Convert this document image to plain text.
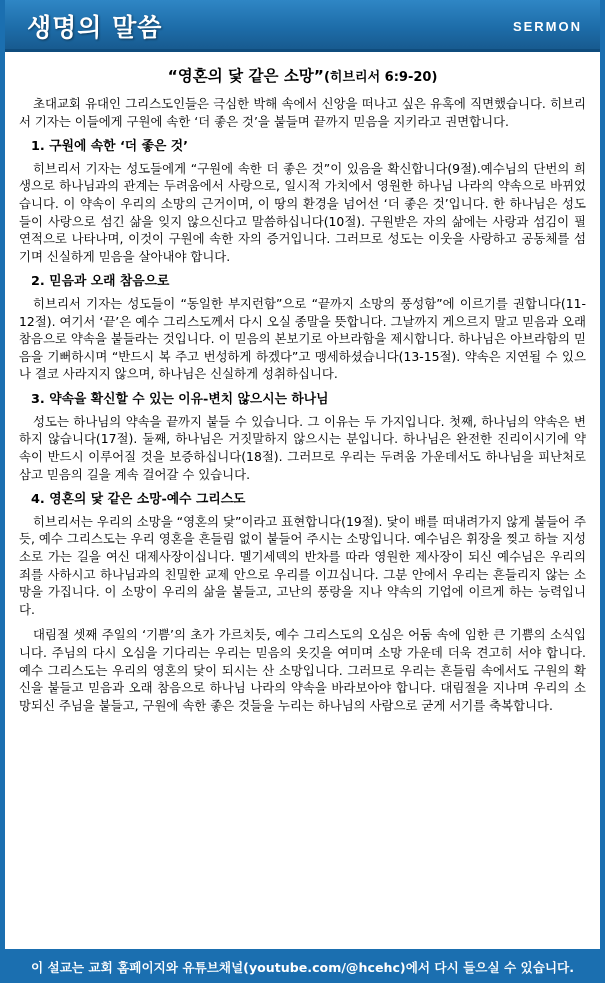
생명의 말씀	SERMON
“영혼의 닻 같은 소망”(히브리서 6:9-20)

초대교회 유대인 그리스도인들은 극심한 박해 속에서 신앙을 떠나고 싶은 유혹에 직면했습니다. 히브리서 기자는 이들에게 구원에 속한 ‘더 좋은 것’을 붙들며 끝까지 믿음을 지키라고 권면합니다.

1. 구원에 속한 ‘더 좋은 것’

히브리서 기자는 성도들에게 “구원에 속한 더 좋은 것”이 있음을 확신합니다(9절).예수님의 단번의 희생으로 하나님과의 관계는 두려움에서 사랑으로, 일시적 가치에서 영원한 하나님 나라의 약속으로 바뀌었습니다. 이 약속이 우리의 소망의 근거이며, 이 땅의 환경을 넘어선 ‘더 좋은 것’입니다. 한 하나님은 성도들이 사랑으로 섬긴 삶을 잊지 않으신다고 말씀하십니다(10절). 구원받은 자의 삶에는 사랑과 섬김이 필연적으로 나타나며, 이것이 구원에 속한 자의 증거입니다. 그러므로 성도는 이웃을 사랑하고 공동체를 섬기며 신실하게 믿음을 살아내야 합니다.

2. 믿음과 오래 참음으로

히브리서 기자는 성도들이 “동일한 부지런함”으로 “끝까지 소망의 풍성함”에 이르기를 권합니다(11-12절). 여기서 ‘끝’은 예수 그리스도께서 다시 오실 종말을 뜻합니다. 그날까지 게으르지 말고 믿음과 오래 참음으로 약속을 붙들라는 것입니다. 이 믿음의 본보기로 아브라함을 제시합니다. 하나님은 아브라함의 믿음을 기뻐하시며 “반드시 복 주고 번성하게 하겠다”고 맹세하셨습니다(13-15절). 약속은 지연될 수 있으나 결코 사라지지 않으며, 하나님은 신실하게 성취하십니다.

3. 약속을 확신할 수 있는 이유-변치 않으시는 하나님

성도는 하나님의 약속을 끝까지 붙들 수 있습니다. 그 이유는 두 가지입니다. 첫째, 하나님의 약속은 변하지 않습니다(17절). 둘째, 하나님은 거짓말하지 않으시는 분입니다. 하나님은 완전한 진리이시기에 약속이 반드시 이루어질 것을 보증하십니다(18절). 그러므로 우리는 두려움 가운데서도 하나님을 피난처로 삼고 믿음의 길을 계속 걸어갈 수 있습니다.

4. 영혼의 닻 같은 소망-예수 그리스도

히브리서는 우리의 소망을 “영혼의 닻”이라고 표현합니다(19절). 닻이 배를 떠내려가지 않게 붙들어 주듯, 예수 그리스도는 우리 영혼을 흔들림 없이 붙들어 주시는 소망입니다. 예수님은 휘장을 찢고 하늘 지성소로 가는 길을 여신 대제사장이십니다. 멜기세덱의 반차를 따라 영원한 제사장이 되신 예수님은 우리의 죄를 사하시고 하나님과의 친밀한 교제 안으로 우리를 이끄십니다. 그분 안에서 우리는 흔들리지 않는 소망을 가집니다. 이 소망이 우리의 삶을 붙들고, 고난의 풍랑을 지나 약속의 기업에 이르게 하는 능력입니다.

대림절 셋째 주일의 ‘기쁨’의 초가 가르치듯, 예수 그리스도의 오심은 어둠 속에 임한 큰 기쁨의 소식입니다. 주님의 다시 오심을 기다리는 우리는 믿음의 옷깃을 여미며 소망 가운데 더욱 견고히 서야 합니다. 예수 그리스도는 우리의 영혼의 닻이 되시는 산 소망입니다. 그러므로 우리는 흔들림 속에서도 구원의 확신을 붙들고 믿음과 오래 참음으로 하나님 나라의 약속을 바라보아야 합니다. 대림절을 지나며 우리의 소망되신 주님을 붙들고, 구원에 속한 좋은 것들을 누리는 하나님의 사람으로 굳게 서기를 축복합니다.

이 설교는 교회 홈페이지와 유튜브채널(youtube.com/@hcehc)에서 다시 들으실 수 있습니다.
